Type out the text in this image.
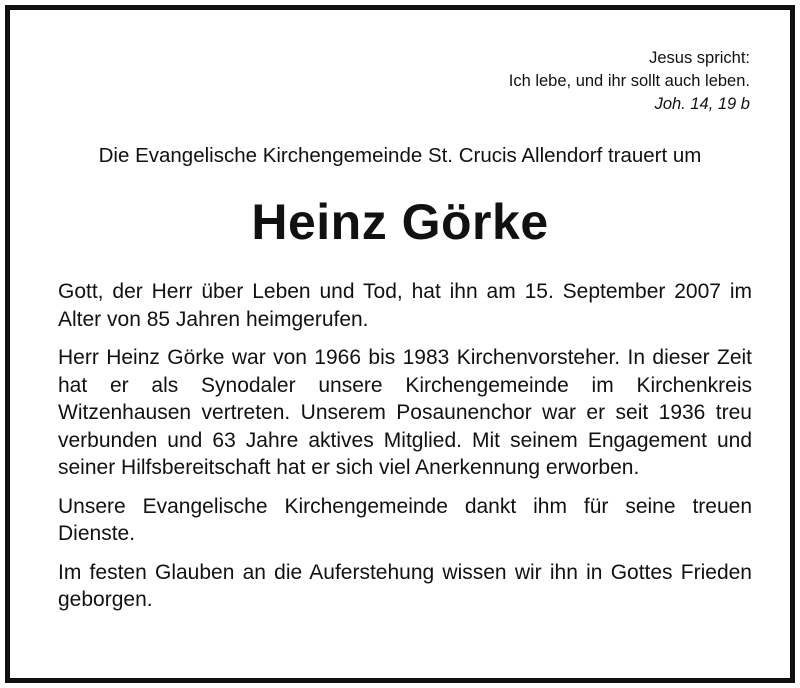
Jesus spricht:
Ich lebe, und ihr sollt auch leben.
Joh. 14, 19 b
Die Evangelische Kirchengemeinde St. Crucis Allendorf trauert um
Heinz Görke

Gott, der Herr über Leben und Tod, hat ihn am 15. September 2007 im Alter von 85 Jahren heimgerufen.

Herr Heinz Görke war von 1966 bis 1983 Kirchenvorsteher. In dieser Zeit hat er als Synodaler unsere Kirchengemeinde im Kirchenkreis Witzenhausen vertreten. Unserem Posaunenchor war er seit 1936 treu verbunden und 63 Jahre aktives Mitglied. Mit seinem Engagement und seiner Hilfsbereitschaft hat er sich viel Anerkennung erworben.

Unsere Evangelische Kirchengemeinde dankt ihm für seine treuen Dienste.

Im festen Glauben an die Auferstehung wissen wir ihn in Gottes Frieden geborgen.
